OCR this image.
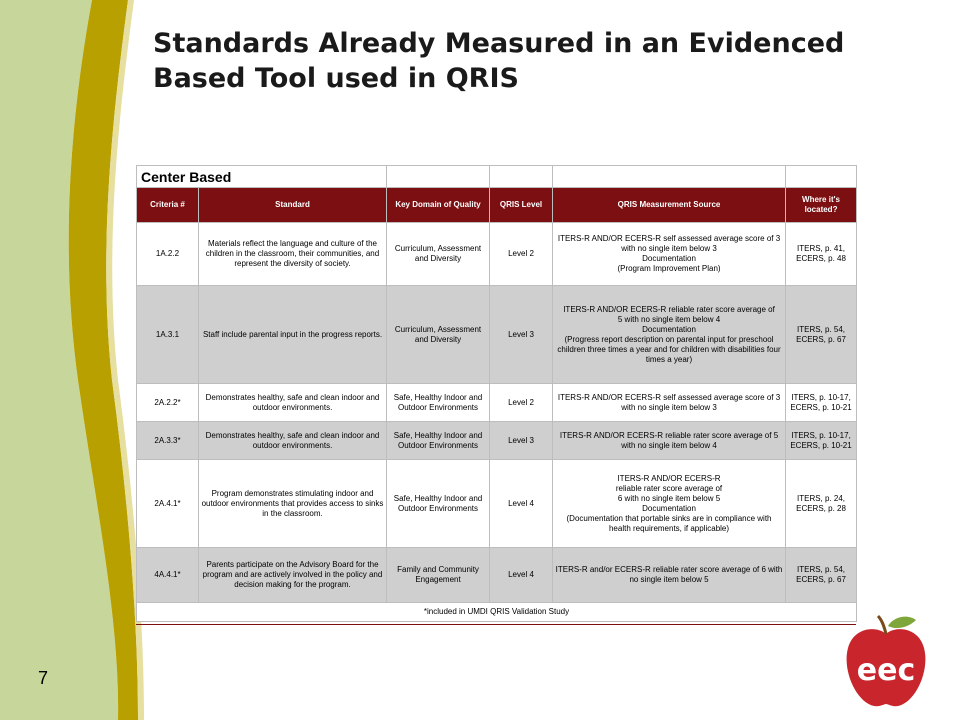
Standards Already Measured in an Evidenced Based Tool used in QRIS
Center Based					
Criteria #	Standard	Key Domain of Quality	QRIS Level	QRIS Measurement Source	Where it's located?
1A.2.2	Materials reflect the language and culture of the children in the classroom, their communities, and represent the diversity of society.	Curriculum, Assessment and Diversity	Level 2	ITERS-R AND/OR ECERS-R self assessed average score of 3 with no single item below 3
Documentation
(Program Improvement Plan)	ITERS, p. 41, ECERS, p. 48
1A.3.1	Staff include parental input in the progress reports.	Curriculum, Assessment and Diversity	Level 3	ITERS-R AND/OR ECERS-R reliable rater score average of
5 with no single item below 4
Documentation
(Progress report description on parental input for preschool children three times a year and for children with disabilities four times a year)	ITERS, p. 54, ECERS, p. 67
2A.2.2*	Demonstrates healthy, safe and clean indoor and outdoor environments.	Safe, Healthy Indoor and Outdoor Environments	Level 2	ITERS-R AND/OR ECERS-R self assessed average score of 3
with no single item below 3	ITERS, p. 10-17, ECERS, p. 10-21
2A.3.3*	Demonstrates healthy, safe and clean indoor and outdoor environments.	Safe, Healthy Indoor and Outdoor Environments	Level 3	ITERS-R AND/OR ECERS-R reliable rater score average of 5 with no single item below 4	ITERS, p. 10-17, ECERS, p. 10-21
2A.4.1*	Program demonstrates stimulating indoor and outdoor environments that provides access to sinks in the classroom.	Safe, Healthy Indoor and Outdoor Environments	Level 4	ITERS-R AND/OR ECERS-R
reliable rater score average of
6 with no single item below 5
Documentation
(Documentation that portable sinks are in compliance with health requirements, if applicable)	ITERS, p. 24, ECERS, p. 28
4A.4.1*	Parents participate on the Advisory Board for the program and are actively involved in the policy and decision making for the program.	Family and Community Engagement	Level 4	ITERS-R and/or ECERS-R reliable rater score average of 6 with no single item below 5	ITERS, p. 54, ECERS, p. 67
*included in UMDI QRIS Validation Study					
7	eec
